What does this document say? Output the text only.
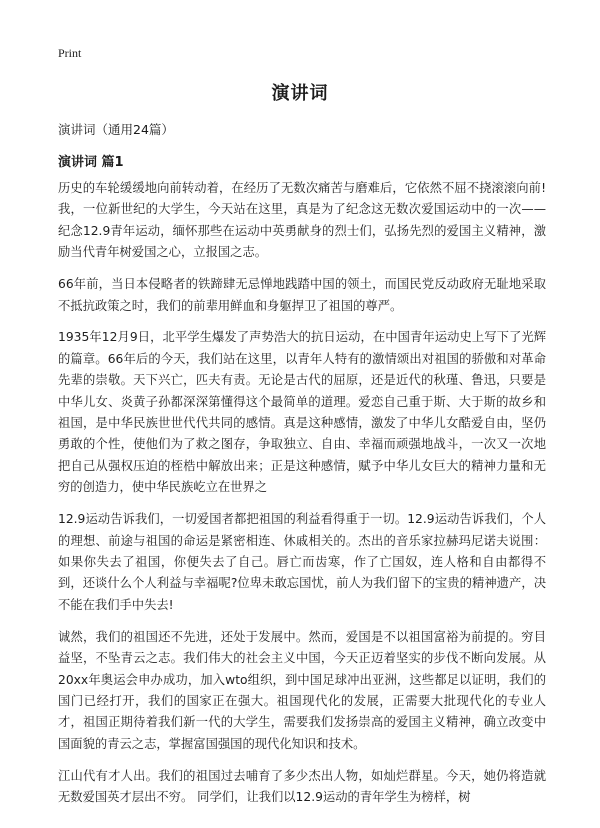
Print
演讲词
演讲词（通用24篇）
演讲词 篇1

历史的车轮缓缓地向前转动着，在经历了无数次痛苦与磨难后，它依然不屈不挠滚滚向前!我，一位新世纪的大学生，今天站在这里，真是为了纪念这无数次爱国运动中的一次——纪念12.9青年运动，缅怀那些在运动中英勇献身的烈士们，弘扬先烈的爱国主义精神，激励当代青年树爱国之心，立报国之志。

66年前，当日本侵略者的铁蹄肆无忌惮地践踏中国的领土，而国民党反动政府无耻地采取不抵抗政策之时，我们的前辈用鲜血和身躯捍卫了祖国的尊严。

1935年12月9日，北平学生爆发了声势浩大的抗日运动，在中国青年运动史上写下了光辉的篇章。66年后的今天，我们站在这里，以青年人特有的激情颂出对祖国的骄傲和对革命先辈的崇敬。天下兴亡，匹夫有责。无论是古代的屈原，还是近代的秋瑾、鲁迅，只要是中华儿女、炎黄子孙都深深第懂得这个最简单的道理。爱恋自己重于斯、大于斯的故乡和祖国，是中华民族世世代代共同的感情。真是这种感情，激发了中华儿女酷爱自由，坚仍勇敢的个性，使他们为了救之图存，争取独立、自由、幸福而顽强地战斗，一次又一次地把自己从强权压迫的桎梏中解放出来；正是这种感情，赋予中华儿女巨大的精神力量和无穷的创造力，使中华民族屹立在世界之

12.9运动告诉我们，一切爱国者都把祖国的利益看得重于一切。12.9运动告诉我们，个人的理想、前途与祖国的命运是紧密相连、休戚相关的。杰出的音乐家拉赫玛尼诺夫说围：如果你失去了祖国，你便失去了自己。唇亡而齿寒，作了亡国奴，连人格和自由都得不到，还谈什么个人利益与幸福呢?位卑未敢忘国忧，前人为我们留下的宝贵的精神遗产，决不能在我们手中失去!

诚然，我们的祖国还不先进，还处于发展中。然而，爱国是不以祖国富裕为前提的。穷目益坚，不坠青云之志。我们伟大的社会主义中国，今天正迈着坚实的步伐不断向发展。从20xx年奥运会申办成功，加入wto组织，到中国足球冲出亚洲，这些都足以证明，我们的国门已经打开，我们的国家正在强大。祖国现代化的发展，正需要大批现代化的专业人才，祖国正期待着我们新一代的大学生，需要我们发扬崇高的爱国主义精神，确立改变中国面貌的青云之志，掌握富国强国的现代化知识和技术。

江山代有才人出。我们的祖国过去哺育了多少杰出人物，如灿烂群星。今天，她仍将造就无数爱国英才层出不穷。 同学们，让我们以12.9运动的青年学生为榜样，树
